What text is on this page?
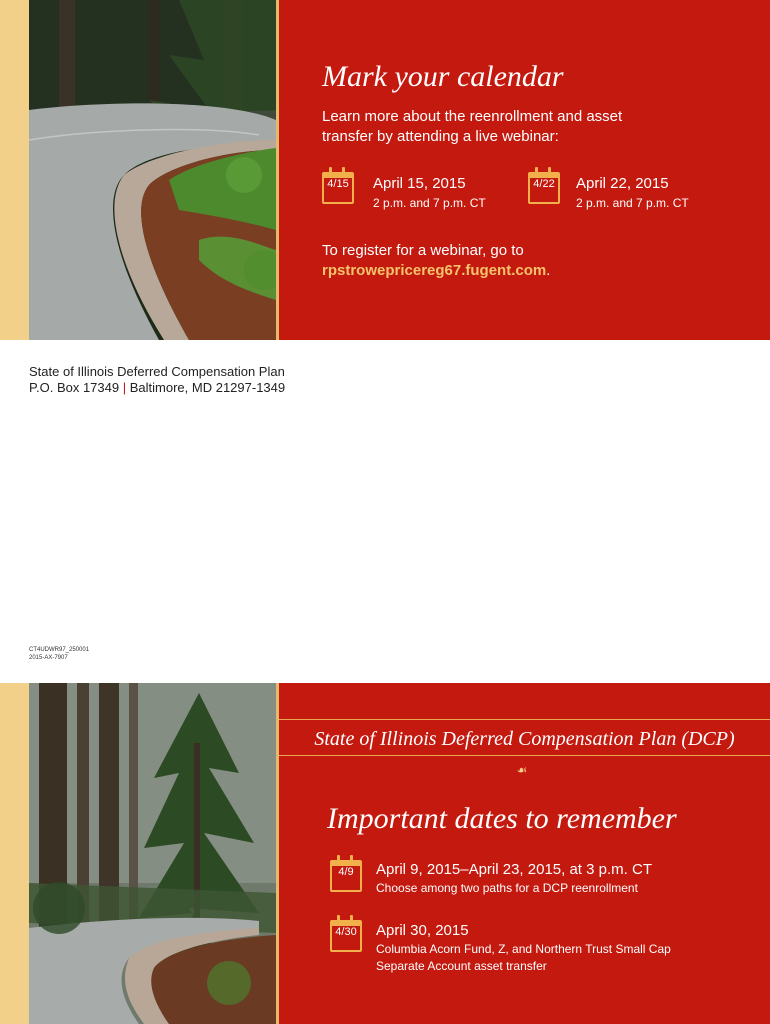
Mark your calendar
Learn more about the reenrollment and asset
transfer by attending a live webinar:
4/15	April 15, 2015
2 p.m. and 7 p.m. CT
4/22	April 22, 2015
2 p.m. and 7 p.m. CT
To register for a webinar, go to
rpstrowepricereg67.fugent.com.
State of Illinois Deferred Compensation Plan
P.O. Box 17349 | Baltimore, MD 21297-1349
CT4UDWR97_250001
2015-AX-7907
State of Illinois Deferred Compensation Plan (DCP)
☙
Important dates to remember
4/9	April 9, 2015–April 23, 2015, at 3 p.m. CT
Choose among two paths for a DCP reenrollment
4/30	April 30, 2015
Columbia Acorn Fund, Z, and Northern Trust Small Cap
Separate Account asset transfer
